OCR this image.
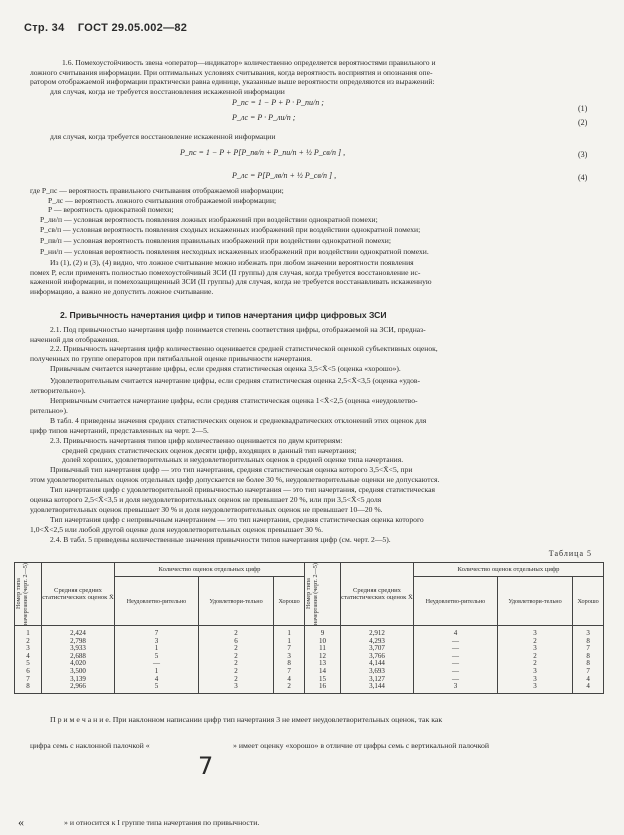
Стр. 34 ГОСТ 29.05.002—82
1.6. Помехоустойчивость звена «оператор—индикатор» количественно определяется вероятностями правильного и
ложного считывания информации. При оптимальных условиях считывания, когда вероятность восприятия и опознания опе-
ратором отображаемой информации практически равна единице, указанные выше вероятности определяются из выражений:
для случая, когда не требуется восстановления искаженной информации
P_пс = 1 − P + P · P_пи/п ;
(1)
P_лс = P · P_ли/п ;
(2)
для случая, когда требуется восстановление искаженной информации
P_пс = 1 − P + P[P_пв/п + P_пи/п + ½ P_св/п ] ,	(3)
P_лс = P[P_лв/п + ½ P_св/п ] ,	(4)
где P_пс — вероятность правильного считывания отображаемой информации;
P_лс — вероятность ложного считывания отображаемой информации;
P — вероятность однократной помехи;
P_ли/п — условная вероятность появления ложных изображений при воздействии однократной помехи;
P_св/п — условная вероятность появления сходных искаженных изображений при воздействии однократной помехи;
P_пв/п — условная вероятность появления правильных изображений при воздействии однократной помехи;
P_ни/п — условная вероятность появления несходных искаженных изображений при воздействии однократной помехи.
Из (1), (2) и (3), (4) видно, что ложное считывание можно избежать при любом значении вероятности появления
помех P, если применять полностью помехоустойчивый ЗСИ (II группы) для случая, когда требуется восстановление ис-
каженной информации, и помехозащищенный ЗСИ (II группы) для случая, когда не требуется восстанавливать искаженную
информацию, а важно не допустить ложное считывание.
2. Привычность начертания цифр и типов начертания цифр цифровых ЗСИ
2.1. Под привычностью начертания цифр понимается степень соответствия цифры, отображаемой на ЗСИ, предназ-
наченной для отображения.
2.2. Привычность начертания цифр количественно оценивается средней статистической оценкой субъективных оценок,
полученных по группе операторов при пятибалльной оценке привычности начертания.
Привычным считается начертание цифры, если средняя статистическая оценка 3,5<X̄<5 (оценка «хорошо»).
Удовлетворительным считается начертание цифры, если средняя статистическая оценка 2,5<X̄<3,5 (оценка «удов-
летворительно»).
Непривычным считается начертание цифры, если средняя статистическая оценка 1<X̄<2,5 (оценка «неудовлетво-
рительно»).
В табл. 4 приведены значения средних статистических оценок и среднеквадратических отклонений этих оценок для
цифр типов начертаний, представленных на черт. 2—5.
2.3. Привычность начертания типов цифр количественно оценивается по двум критериям:
средней средних статистических оценок десяти цифр, входящих в данный тип начертания;
долей хороших, удовлетворительных и неудовлетворительных оценок в средней оценке типа начертания.
Привычный тип начертания цифр — это тип начертания, средняя статистическая оценка которого 3,5<X̄<5, при
этом удовлетворительных оценок отдельных цифр допускается не более 30 %, неудовлетворительные оценки не допускаются.
Тип начертания цифр с удовлетворительной привычностью начертания — это тип начертания, средняя статистическая
оценка которого 2,5<X̄<3,5 и доля неудовлетворительных оценок не превышает 20 %, или при 3,5<X̄<5 доля
удовлетворительных оценок превышает 30 % и доля неудовлетворительных оценок не превышает 10—20 %.
Тип начертания цифр с непривычным начертанием — это тип начертания, средняя статистическая оценка которого
1,0<X̄<2,5 или любой другой оценке доля неудовлетворительных оценок превышает 30 %.
2.4. В табл. 5 приведены количественные значения привычности типов начертания цифр (см. черт. 2—5).
Таблица 5
Номер типа начертания (черт. 2—5)	Средняя средних статистических оценок X̄	Количество оценок отдельных цифр			Номер типа начертания (черт. 2—5)	Средняя средних статистических оценок X̄	Количество оценок отдельных цифр		
		Неудовлетво-рительно	Удовлетвори-тельно	Хорошо			Неудовлетво-рительно	Удовлетвори-тельно	Хорошо
1	2,424	7	2	1	9	2,912	4	3	3
2	2,798	3	6	1	10	4,293	—	2	8
3	3,933	1	2	7	11	3,707	—	3	7
4	2,688	5	2	3	12	3,766	—	2	8
5	4,020	—	2	8	13	4,144	—	2	8
6	3,500	1	2	7	14	3,693	—	3	7
7	3,139	4	2	4	15	3,127	—	3	4
8	2,966	5	3	2	16	3,144	3	3	4
П р и м е ч а н и е. При наклонном написании цифр тип начертания 3 не имеет неудовлетворительных оценок, так как
цифра семь с наклонной палочкой «
7
» имеет оценку «хорошо» в отличие от цифры семь с вертикальной палочкой
«	» и относится к I группе типа начертания по привычности.
